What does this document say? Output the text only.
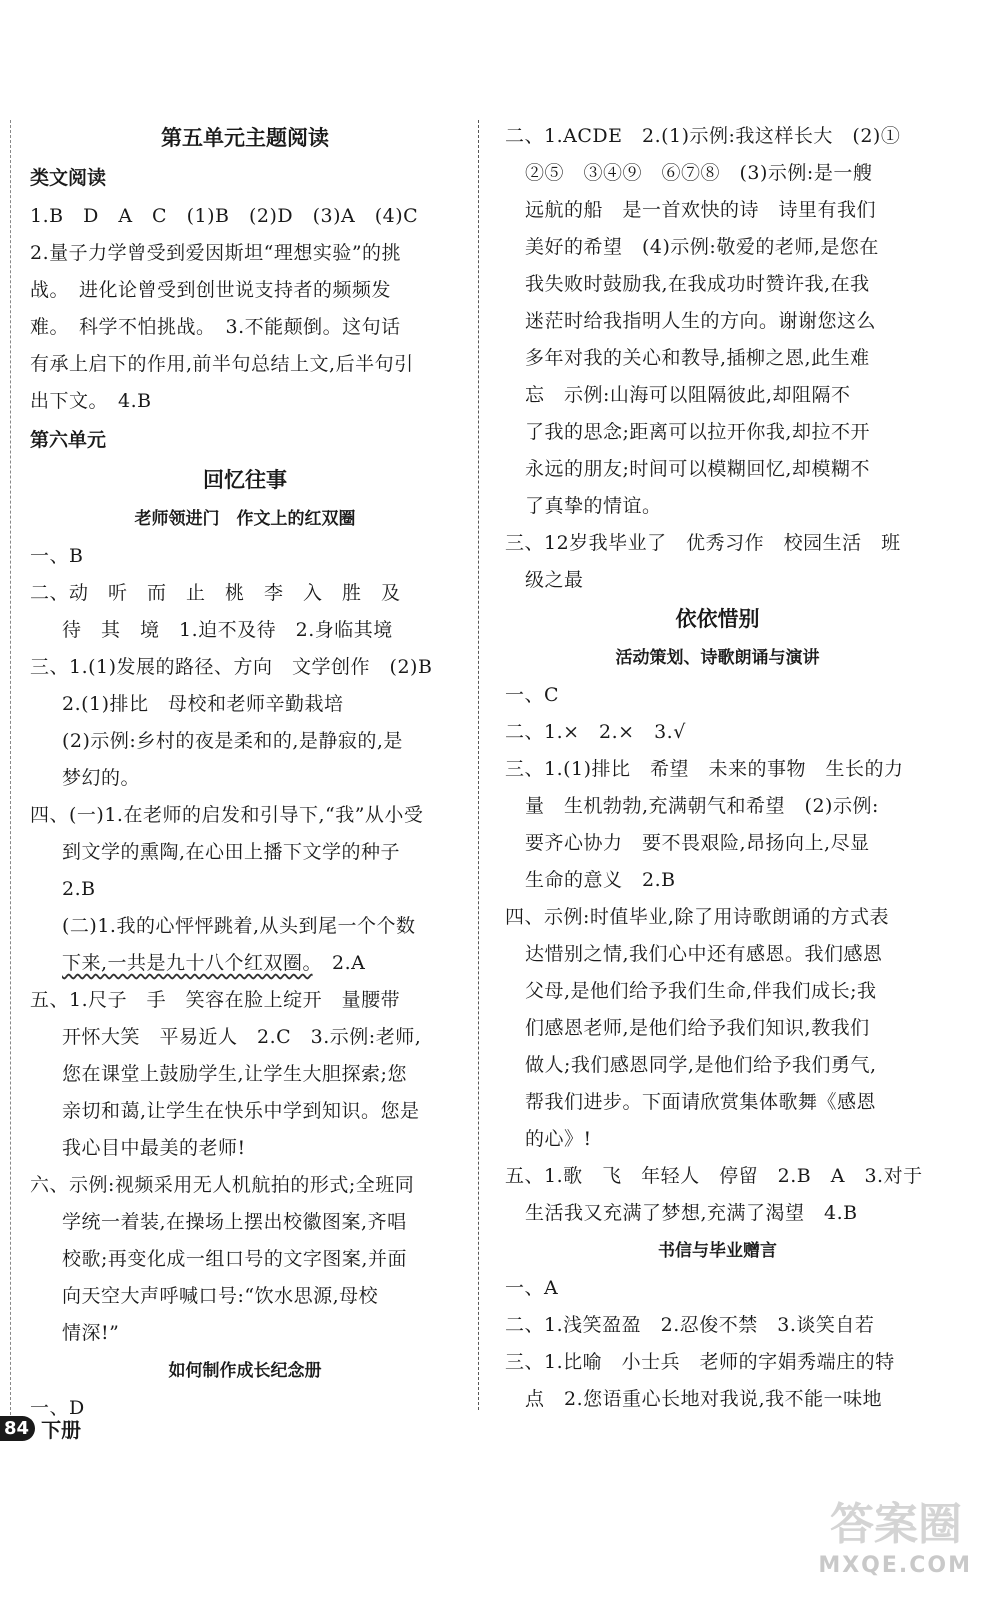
第五单元主题阅读
类文阅读
1.B　D　A　C　(1)B　(2)D　(3)A　(4)C
2.量子力学曾受到爱因斯坦“理想实验”的挑
战。　进化论曾受到创世说支持者的频频发
难。　科学不怕挑战。　3.不能颠倒。这句话
有承上启下的作用,前半句总结上文,后半句引
出下文。　4.B
第六单元
回忆往事
老师领进门　作文上的红双圈
一、B
二、动　听　而　止　桃　李　入　胜　及
待　其　境　1.迫不及待　2.身临其境
三、1.(1)发展的路径、方向　文学创作　(2)B
2.(1)排比　母校和老师辛勤栽培
(2)示例:乡村的夜是柔和的,是静寂的,是
梦幻的。
四、(一)1.在老师的启发和引导下,“我”从小受
到文学的熏陶,在心田上播下文学的种子
2.B
(二)1.我的心怦怦跳着,从头到尾一个个数
下来,一共是九十八个红双圈。　2.A
五、1.尺子　手　笑容在脸上绽开　量腰带
开怀大笑　平易近人　2.C　3.示例:老师,
您在课堂上鼓励学生,让学生大胆探索;您
亲切和蔼,让学生在快乐中学到知识。您是
我心目中最美的老师!
六、示例:视频采用无人机航拍的形式;全班同
学统一着装,在操场上摆出校徽图案,齐唱
校歌;再变化成一组口号的文字图案,并面
向天空大声呼喊口号:“饮水思源,母校
情深!”
如何制作成长纪念册
一、D
二、1.ACDE　2.(1)示例:我这样长大　(2)①
②⑤　③④⑨　⑥⑦⑧　(3)示例:是一艘
远航的船　是一首欢快的诗　诗里有我们
美好的希望　(4)示例:敬爱的老师,是您在
我失败时鼓励我,在我成功时赞许我,在我
迷茫时给我指明人生的方向。谢谢您这么
多年对我的关心和教导,插柳之恩,此生难
忘　示例:山海可以阻隔彼此,却阻隔不
了我的思念;距离可以拉开你我,却拉不开
永远的朋友;时间可以模糊回忆,却模糊不
了真挚的情谊。
三、12岁我毕业了　优秀习作　校园生活　班
级之最
依依惜别
活动策划、诗歌朗诵与演讲
一、C
二、1.×　2.×　3.√
三、1.(1)排比　希望　未来的事物　生长的力
量　生机勃勃,充满朝气和希望　(2)示例:
要齐心协力　要不畏艰险,昂扬向上,尽显
生命的意义　2.B
四、示例:时值毕业,除了用诗歌朗诵的方式表
达惜别之情,我们心中还有感恩。我们感恩
父母,是他们给予我们生命,伴我们成长;我
们感恩老师,是他们给予我们知识,教我们
做人;我们感恩同学,是他们给予我们勇气,
帮我们进步。下面请欣赏集体歌舞《感恩
的心》!
五、1.歌　飞　年轻人　停留　2.B　A　3.对于
生活我又充满了梦想,充满了渴望　4.B
书信与毕业赠言
一、A
二、1.浅笑盈盈　2.忍俊不禁　3.谈笑自若
三、1.比喻　小士兵　老师的字娟秀端庄的特
点　2.您语重心长地对我说,我不能一味地
84 下册
答案圈
MXQE.COM
